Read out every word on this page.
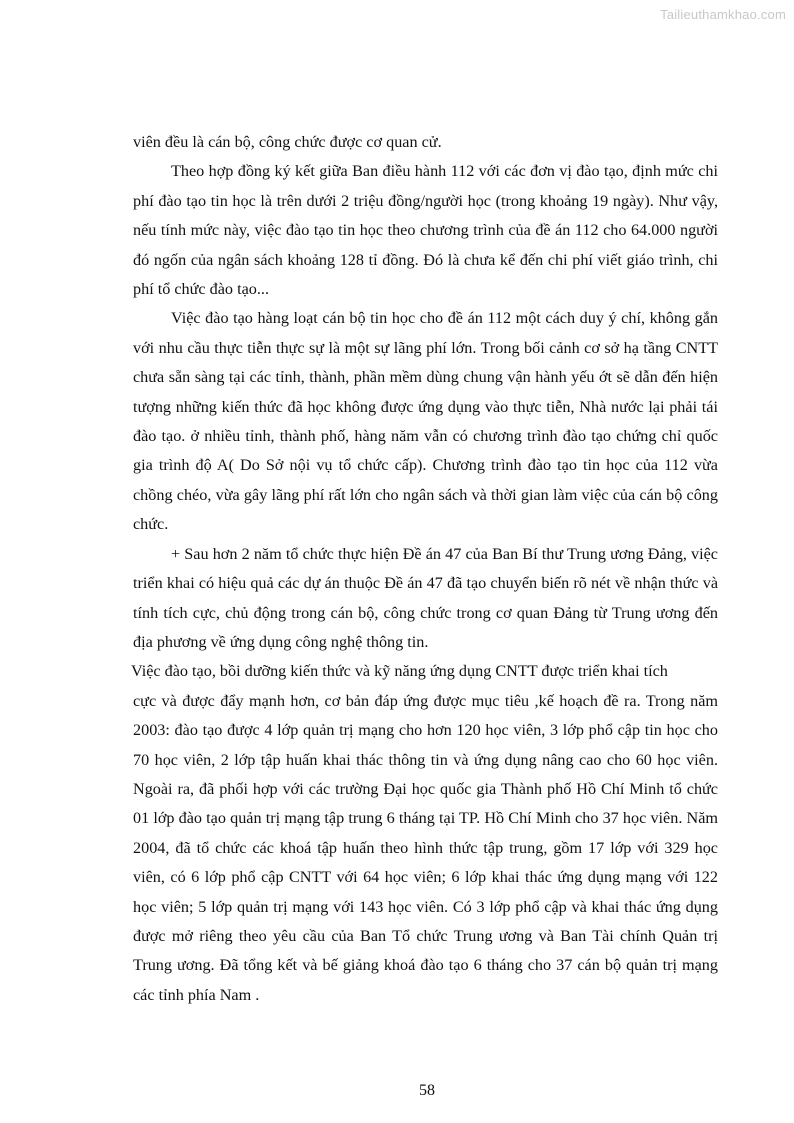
Tailieuthamkhao.com

viên đều là cán bộ, công chức được cơ quan cử.

Theo hợp đồng ký kết giữa Ban điều hành 112 với các đơn vị đào tạo, định mức chi phí đào tạo tin học là trên dưới 2 triệu đồng/người học (trong khoảng 19 ngày). Như vậy, nếu tính mức này, việc đào tạo tin học theo chương trình của đề án 112 cho 64.000 người đó ngốn của ngân sách khoảng 128 tỉ đồng. Đó là chưa kể đến chi phí viết giáo trình, chi phí tổ chức đào tạo...

Việc đào tạo hàng loạt cán bộ tin học cho đề án 112 một cách duy ý chí, không gắn với nhu cầu thực tiễn thực sự là một sự lãng phí lớn. Trong bối cảnh cơ sở hạ tầng CNTT chưa sẵn sàng tại các tỉnh, thành, phần mềm dùng chung vận hành yếu ớt sẽ dẫn đến hiện tượng những kiến thức đã học không được ứng dụng vào thực tiễn, Nhà nước lại phải tái đào tạo. ở nhiều tỉnh, thành phố, hàng năm vẫn có chương trình đào tạo chứng chỉ quốc gia trình độ A( Do Sở nội vụ tổ chức cấp). Chương trình đào tạo tin học của 112 vừa chồng chéo, vừa gây lãng phí rất lớn cho ngân sách và thời gian làm việc của cán bộ công chức.

+ Sau hơn 2 năm tổ chức thực hiện Đề án 47 của Ban Bí thư Trung ương Đảng, việc triển khai có hiệu quả các dự án thuộc Đề án 47 đã tạo chuyển biến rõ nét về nhận thức và tính tích cực, chủ động trong cán bộ, công chức trong cơ quan Đảng từ Trung ương đến địa phương về ứng dụng công nghệ thông tin.

Việc đào tạo, bồi dưỡng kiến thức và kỹ năng ứng dụng CNTT được triển khai tích

cực và được đẩy mạnh hơn, cơ bản đáp ứng được mục tiêu ,kế hoạch đề ra. Trong năm 2003: đào tạo được 4 lớp quản trị mạng cho hơn 120 học viên, 3 lớp phổ cập tin học cho 70 học viên, 2 lớp tập huấn khai thác thông tin và ứng dụng nâng cao cho 60 học viên. Ngoài ra, đã phối hợp với các trường Đại học quốc gia Thành phố Hồ Chí Minh tổ chức 01 lớp đào tạo quản trị mạng tập trung 6 tháng tại TP. Hồ Chí Minh cho 37 học viên. Năm 2004, đã tổ chức các khoá tập huấn theo hình thức tập trung, gồm 17 lớp với 329 học viên, có 6 lớp phổ cập CNTT với 64 học viên; 6 lớp khai thác ứng dụng mạng với 122 học viên; 5 lớp quản trị mạng với 143 học viên. Có 3 lớp phổ cập và khai thác ứng dụng được mở riêng theo yêu cầu của Ban Tổ chức Trung ương và Ban Tài chính Quản trị Trung ương. Đã tổng kết và bế giảng khoá đào tạo 6 tháng cho 37 cán bộ quản trị mạng các tỉnh phía Nam .

58
